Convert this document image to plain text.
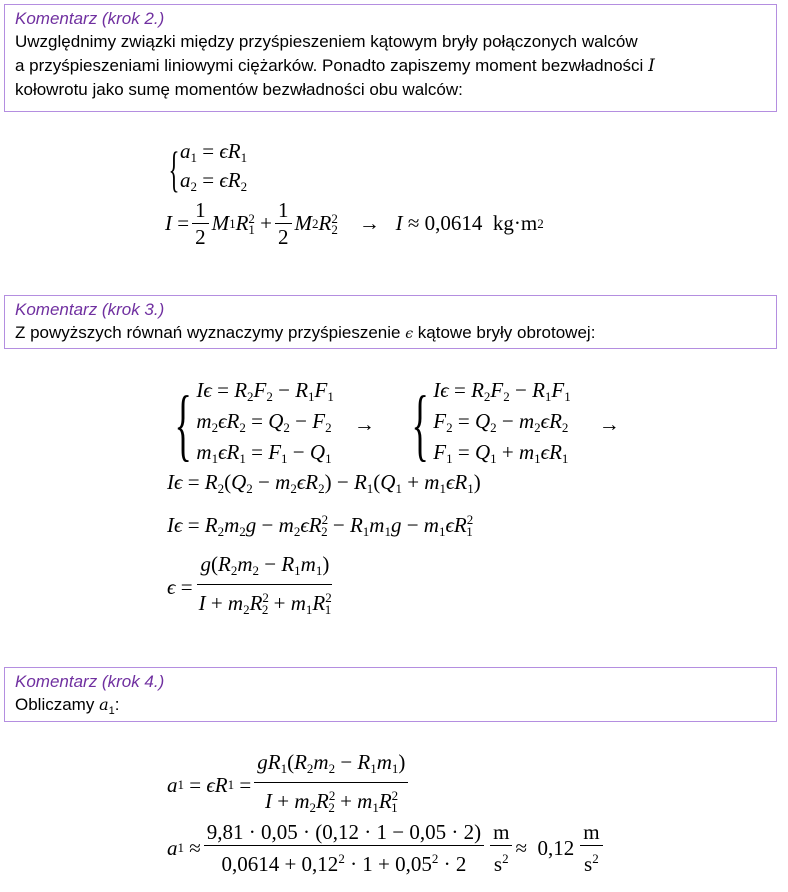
Komentarz (krok 2.)
Uwzględnimy związki między przyśpieszeniem kątowym bryły połączonych walców
a przyśpieszeniami liniowymi ciężarków. Ponadto zapiszemy moment bezwładności I
kołowrotu jako sumę momentów bezwładności obu walców:
{ $a_1 = \epsilon R_1$
$a_2 = \epsilon R_2$
$I = \frac{1}{2}$ M 1 R 2
$1 + \frac{1}{2}$ M 2 R 2
2 → I ≈ 0,0614
kg·m 2
Komentarz (krok 3.)
Z powyższych równań wyznaczymy przyśpieszenie ϵ kątowe bryły obrotowej:
{ $I\epsilon = R_2F_2 - R_1F_1$
$m_2\epsilon R_2 = Q_2 - F_2$
$m_1\epsilon R_1 = F_1 - Q_1$
→ { $I\epsilon = R_2F_2 - R_1F_1$
$F_2 = Q_2 - m_2\epsilon R_2$
$F_1 = Q_1 + m_1\epsilon R_1$
→
$I\epsilon = R_2(Q_2 - m_2\epsilon R_2) - R_1(Q_1 + m_1\epsilon R_1)$
$I\epsilon = R_2m_2g - m_2\epsilon R^2_2 - R_1m_1g - m_1\epsilon R^2_1$
$\epsilon = \frac{g(R_2m_2 - R_1m_1)}{I + m_2R^2_2 + m_1R^2_1}$
Komentarz (krok 4.)
Obliczamy $a_1$:
a 1 = ϵR $1 = \frac{gR_1(R_2m_2 - R_1m_1)}{I + m_2R^2_2 + m_1R^2_1}$
a $1 \approx \frac{9,81 \cdot 0,05 \cdot (0,12 \cdot 1 - 0,05 \cdot 2)}{0,0614 + 0,12^2 \cdot 1 + 0,05^2 \cdot 2} \frac{m}{s^2} \approx 0,12 \frac{m}{s^2}$
